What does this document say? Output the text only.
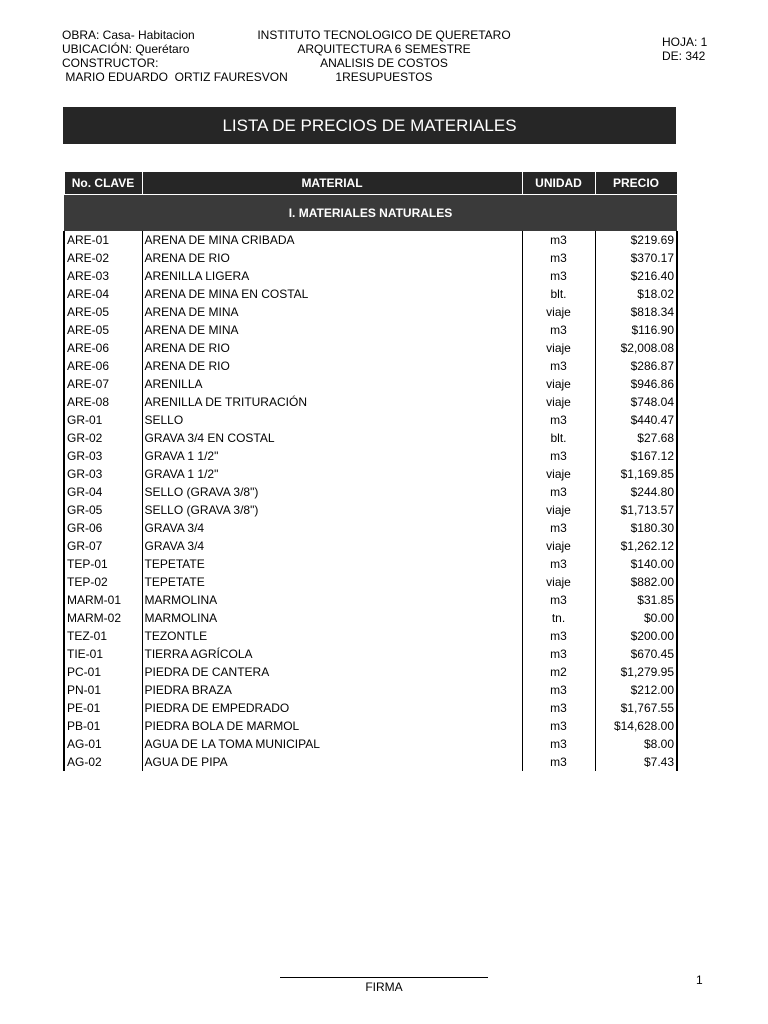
OBRA: Casa- Habitacion
UBICACIÓN: Querétaro
CONSTRUCTOR:
MARIO EDUARDO  ORTIZ FAURESVON
INSTITUTO TECNOLOGICO DE QUERETARO
ARQUITECTURA 6 SEMESTRE
ANALISIS DE COSTOS
1RESUPUESTOS
HOJA: 1
DE: 342
LISTA DE PRECIOS DE MATERIALES
No. CLAVE	MATERIAL	UNIDAD	PRECIO
I. MATERIALES NATURALES			
ARE-01	ARENA DE MINA CRIBADA	m3	$219.69
ARE-02	ARENA DE RIO	m3	$370.17
ARE-03	ARENILLA LIGERA	m3	$216.40
ARE-04	ARENA DE MINA EN COSTAL	blt.	$18.02
ARE-05	ARENA DE MINA	viaje	$818.34
ARE-05	ARENA DE MINA	m3	$116.90
ARE-06	ARENA DE RIO	viaje	$2,008.08
ARE-06	ARENA DE RIO	m3	$286.87
ARE-07	ARENILLA	viaje	$946.86
ARE-08	ARENILLA DE TRITURACIÓN	viaje	$748.04
GR-01	SELLO	m3	$440.47
GR-02	GRAVA 3/4 EN COSTAL	blt.	$27.68
GR-03	GRAVA 1 1/2"	m3	$167.12
GR-03	GRAVA 1 1/2"	viaje	$1,169.85
GR-04	SELLO (GRAVA 3/8")	m3	$244.80
GR-05	SELLO (GRAVA 3/8")	viaje	$1,713.57
GR-06	GRAVA 3/4	m3	$180.30
GR-07	GRAVA 3/4	viaje	$1,262.12
TEP-01	TEPETATE	m3	$140.00
TEP-02	TEPETATE	viaje	$882.00
MARM-01	MARMOLINA	m3	$31.85
MARM-02	MARMOLINA	tn.	$0.00
TEZ-01	TEZONTLE	m3	$200.00
TIE-01	TIERRA AGRÍCOLA	m3	$670.45
PC-01	PIEDRA DE CANTERA	m2	$1,279.95
PN-01	PIEDRA BRAZA	m3	$212.00
PE-01	PIEDRA DE EMPEDRADO	m3	$1,767.55
PB-01	PIEDRA BOLA DE MARMOL	m3	$14,628.00
AG-01	AGUA DE LA TOMA MUNICIPAL	m3	$8.00
AG-02	AGUA DE PIPA	m3	$7.43
FIRMA	1
